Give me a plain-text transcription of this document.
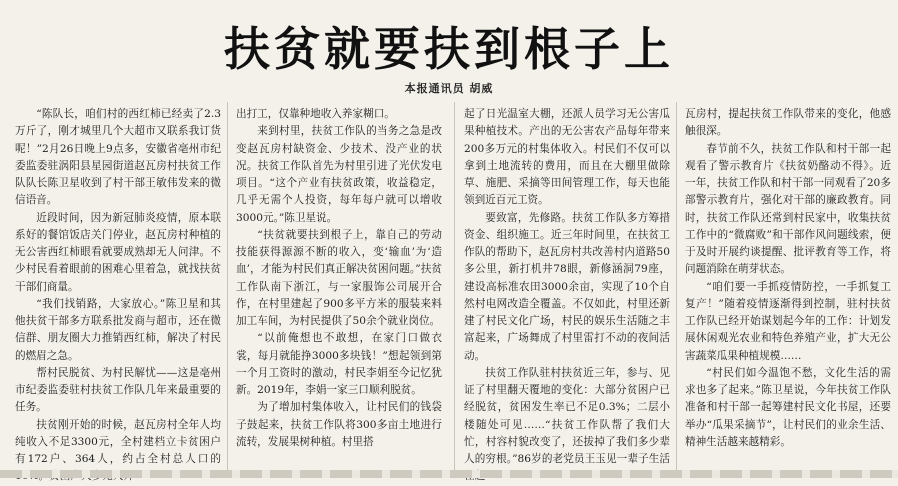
扶贫就要扶到根子上
本报通讯员 胡威

“陈队长，咱们村的西红柿已经卖了2.3万斤了，刚才城里几个大超市又联系我订货呢！”2月26日晚上9点多，安徽省亳州市纪委监委驻涡阳县星园街道赵瓦房村扶贫工作队队长陈卫星收到了村干部王敏伟发来的微信语音。

近段时间，因为新冠肺炎疫情，原本联系好的餐馆饭店关门停业，赵瓦房村种植的无公害西红柿眼看就要成熟却无人问津。不少村民看着眼前的困难心里着急，就找扶贫干部们商量。

“我们找销路，大家放心。”陈卫星和其他扶贫干部多方联系批发商与超市，还在微信群、朋友圈大力推销西红柿，解决了村民的燃眉之急。

帮村民脱贫、为村民解忧——这是亳州市纪委监委驻村扶贫工作队几年来最重要的任务。

扶贫刚开始的时候，赵瓦房村全年人均纯收入不足3300元，全村建档立卡贫困户有172户、364人，约占全村总人口的

出打工，仅靠种地收入养家糊口。

来到村里，扶贫工作队的当务之急是改变赵瓦房村缺资金、少技术、没产业的状况。扶贫工作队首先为村里引进了光伏发电项目。“这个产业有扶贫政策，收益稳定，几乎无需个人投资，每年每户就可以增收3000元。”陈卫星说。

“扶贫就要扶到根子上，靠自己的劳动技能获得源源不断的收入，变‘输血’为‘造血’，才能为村民们真正解决贫困问题。”扶贫工作队南下浙江，与一家服饰公司展开合作，在村里建起了900多平方米的服装来料加工车间，为村民提供了50余个就业岗位。

“以前俺想也不敢想，在家门口做衣裳，每月就能挣3000多块钱！”想起领到第一个月工资时的激动，村民李娟至今记忆犹新。2019年，李娟一家三口顺利脱贫。

为了增加村集体收入，让村民们的钱袋子鼓起来，扶贫工作队将300多亩土地进行流转，发展果树种植。村里搭

起了日光温室大棚，还派人员学习无公害瓜果种植技术。产出的无公害农产品每年带来200多万元的村集体收入。村民们不仅可以拿到土地流转的费用，而且在大棚里做除草、施肥、采摘等田间管理工作，每天也能领到近百元工资。

要致富，先修路。扶贫工作队多方筹措资金、组织施工。近三年时间里，在扶贫工作队的帮助下，赵瓦房村共改善村内道路50多公里，新打机井78眼，新修涵洞79座，建设高标准农田3000余亩，实现了10个自然村电网改造全覆盖。不仅如此，村里还新建了村民文化广场，村民的娱乐生活随之丰富起来，广场舞成了村里雷打不动的夜间活动。

扶贫工作队驻村扶贫近三年，参与、见证了村里翻天覆地的变化：大部分贫困户已经脱贫，贫困发生率已不足0.3%；二层小楼随处可见……“扶贫工作队帮了我们大忙，村容村貌改变了，还拔掉了我们多少辈人的穷根。”86岁的老党员王玉见一辈子生活

瓦房村，提起扶贫工作队带来的变化，他感触很深。

春节前不久，扶贫工作队和村干部一起观看了警示教育片《扶贫奶酪动不得》。近一年，扶贫工作队和村干部一同观看了20多部警示教育片，强化对干部的廉政教育。同时，扶贫工作队还常到村民家中，收集扶贫工作中的“微腐败”和干部作风问题线索，便于及时开展约谈提醒、批评教育等工作，将问题消除在萌芽状态。

“咱们要一手抓疫情防控，一手抓复工复产！”随着疫情逐渐得到控制，驻村扶贫工作队已经开始谋划起今年的工作：计划发展休闲观光农业和特色养殖产业，扩大无公害蔬菜瓜果种植规模……

“村民们如今温饱不愁，文化生活的需求也多了起来。”陈卫星说，今年扶贫工作队准备和村干部一起筹建村民文化书屋，还要举办“瓜果采摘节”，让村民们的业余生活、精神生活越来越精彩。
